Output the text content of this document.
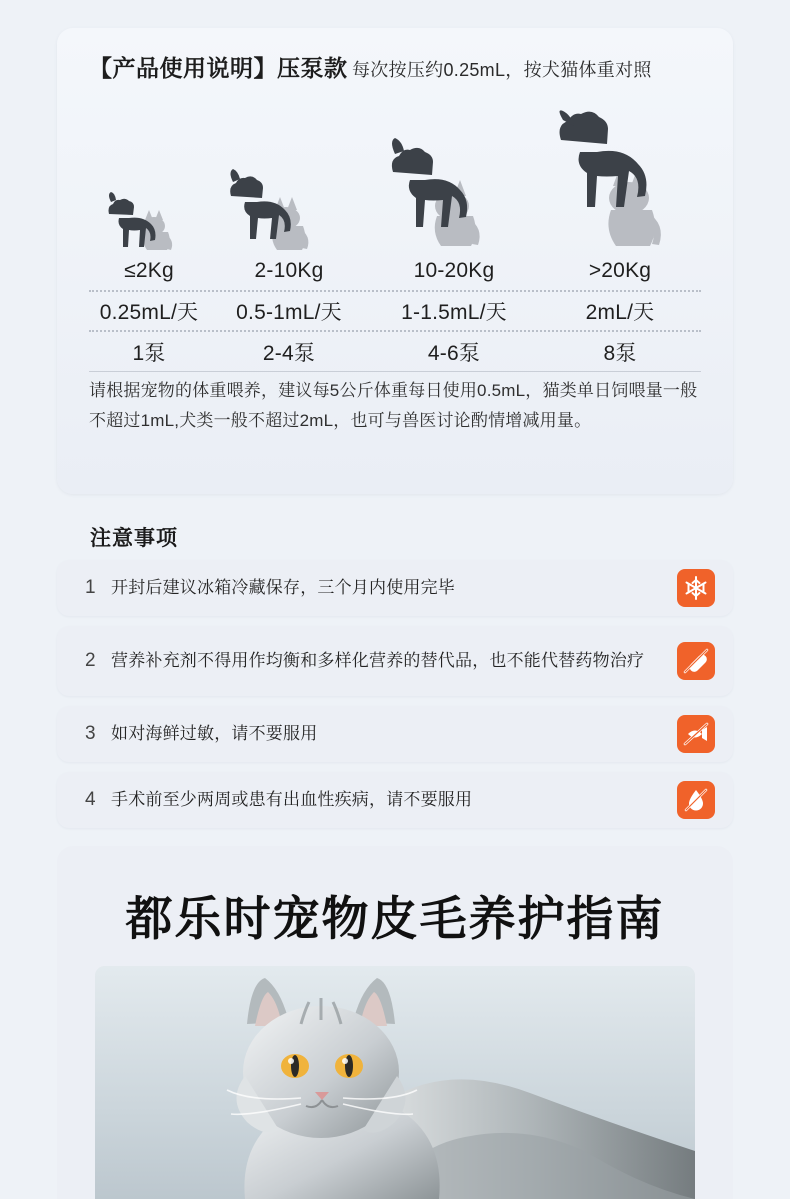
【产品使用说明】压泵款 每次按压约0.25mL，按犬猫体重对照
≤2Kg	2-10Kg	10-20Kg	>20Kg
0.25mL/天	0.5-1mL/天	1-1.5mL/天	2mL/天
1泵	2-4泵	4-6泵	8泵
请根据宠物的体重喂养，建议每5公斤体重每日使用0.5mL，猫类单日饲喂量一般不超过1mL,犬类一般不超过2mL，也可与兽医讨论酌情增减用量。
注意事项
1 开封后建议冰箱冷藏保存，三个月内使用完毕
2 营养补充剂不得用作均衡和多样化营养的替代品，也不能代替药物治疗
3 如对海鲜过敏，请不要服用
4 手术前至少两周或患有出血性疾病，请不要服用
都乐时宠物皮毛养护指南
